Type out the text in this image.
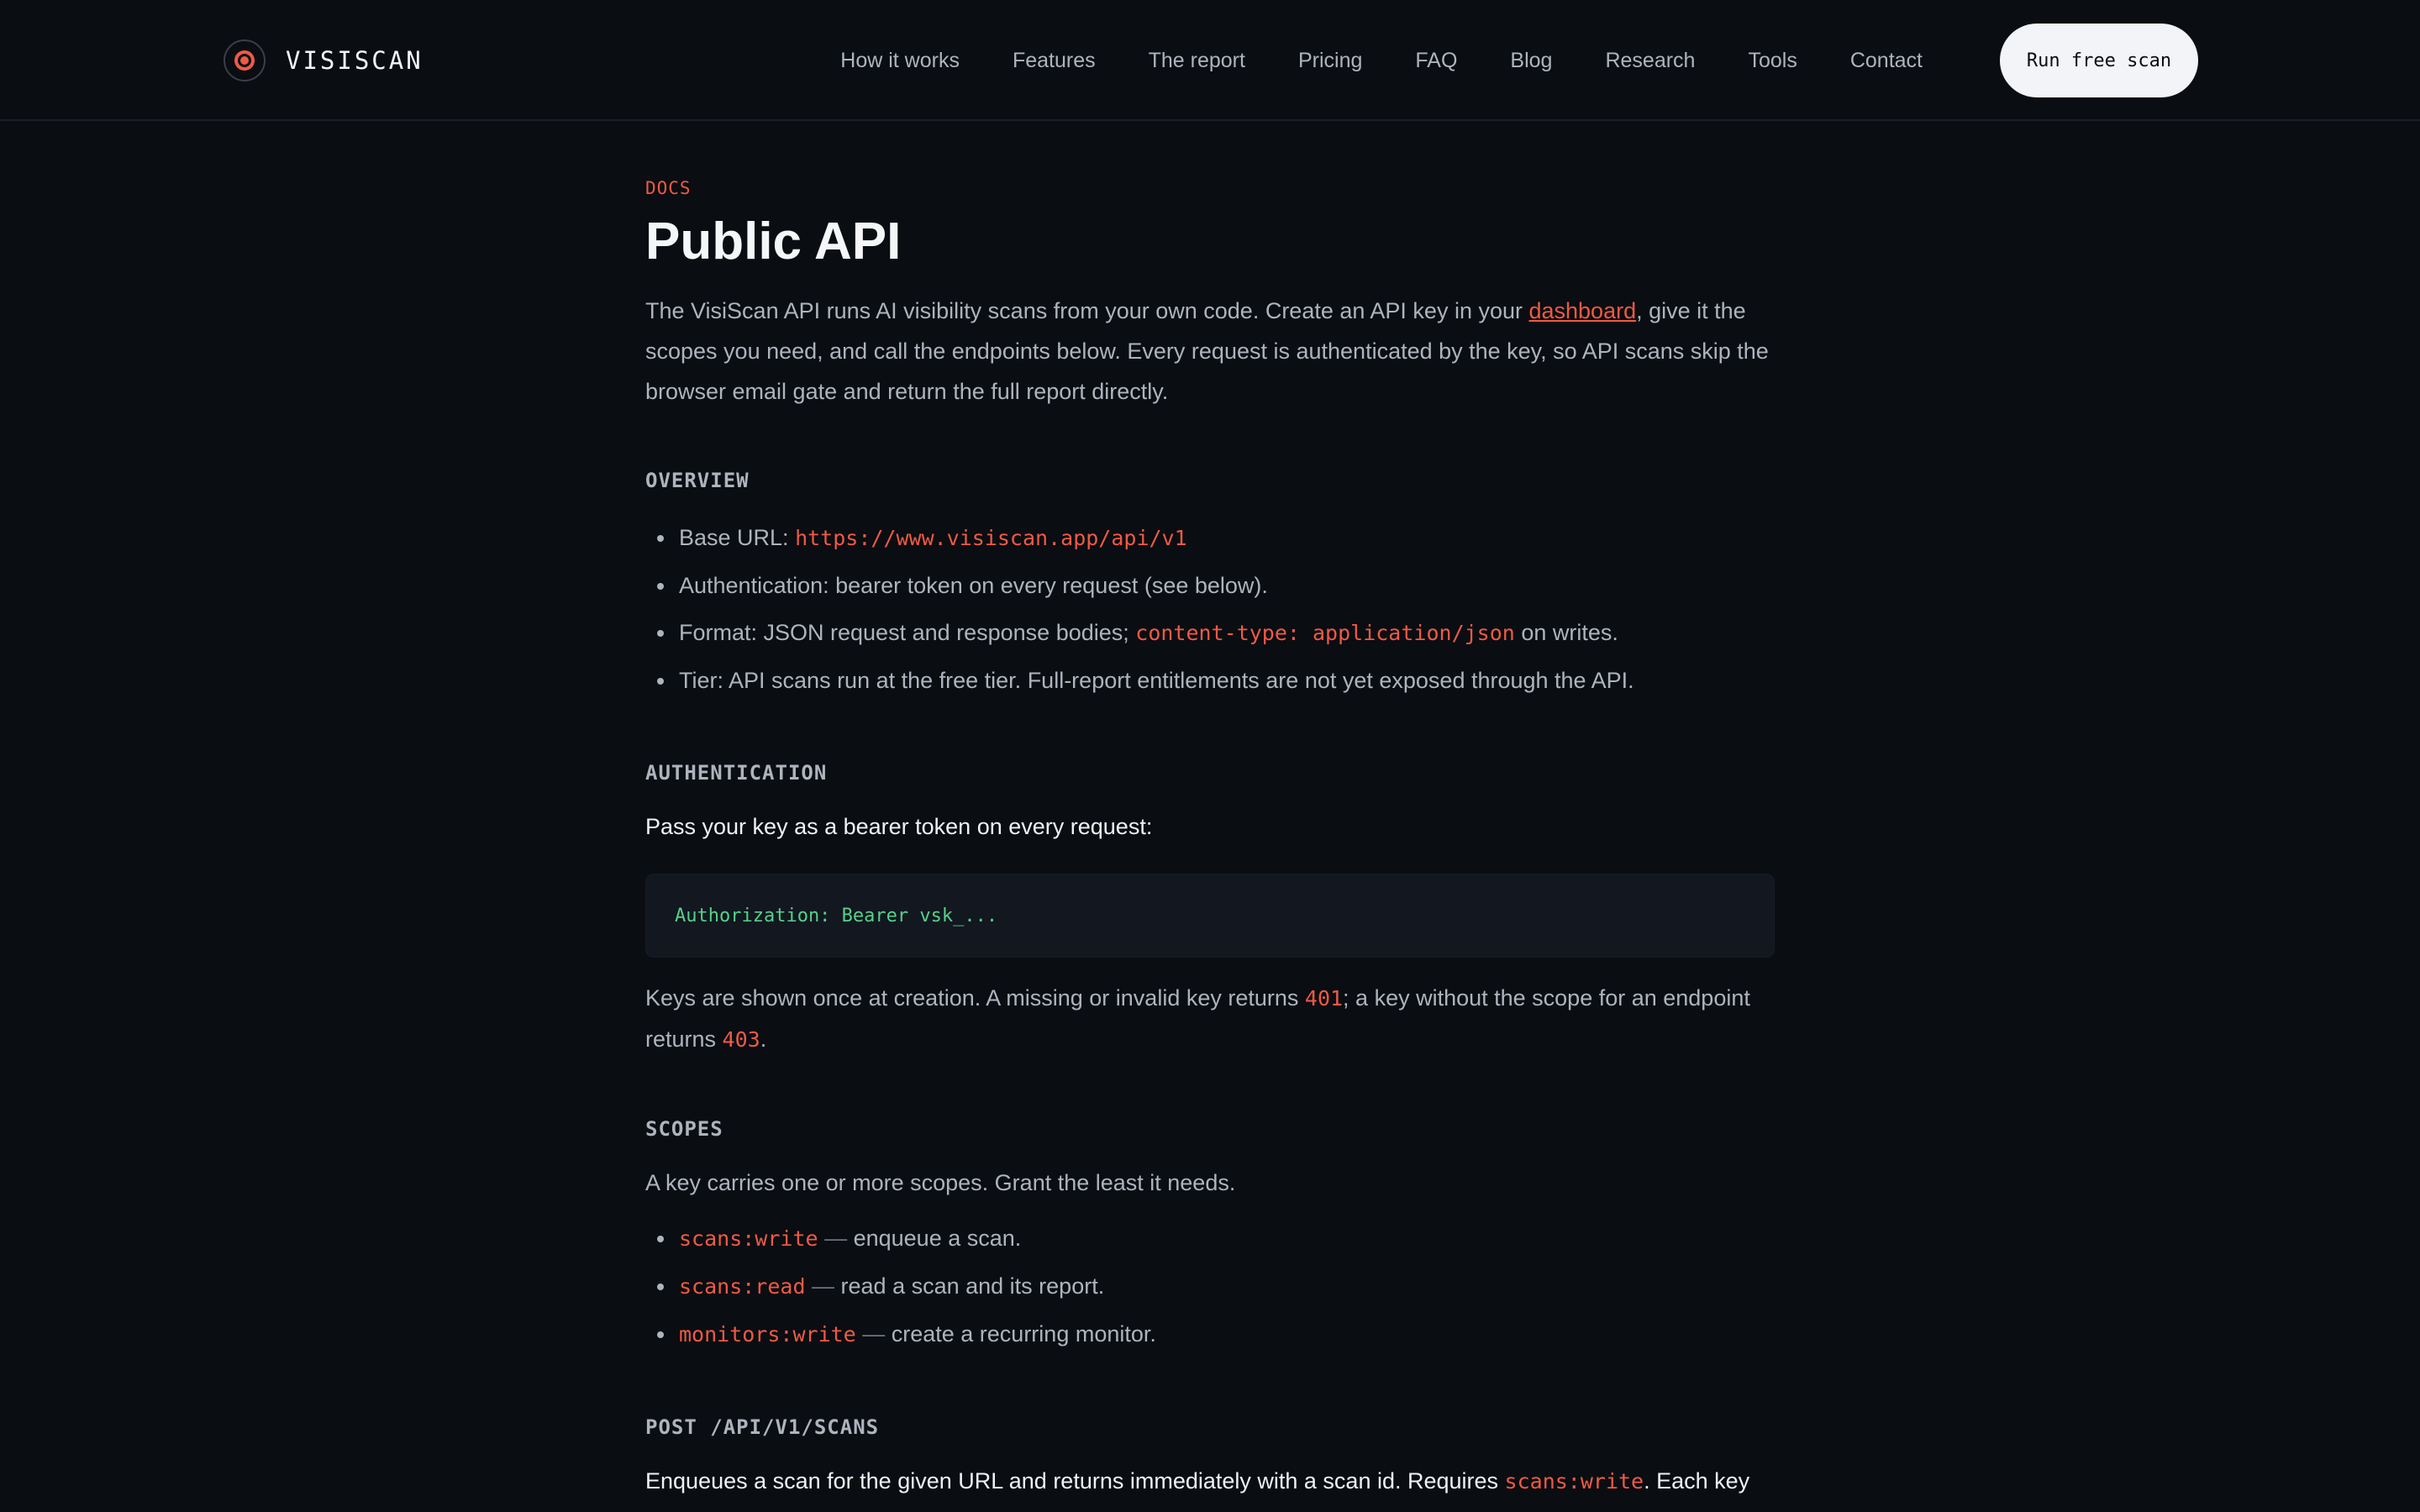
VISISCAN	How it works	Features	The report	Pricing	FAQ	Blog	Research	Tools	Contact	Run free scan
DOCS
Public API

The VisiScan API runs AI visibility scans from your own code. Create an API key in your dashboard, give it the scopes you need, and call the endpoints below. Every request is authenticated by the key, so API scans skip the browser email gate and return the full report directly.

OVERVIEW
Base URL: https://www.visiscan.app/api/v1
Authentication: bearer token on every request (see below).
Format: JSON request and response bodies; content-type: application/json on writes.
Tier: API scans run at the free tier. Full-report entitlements are not yet exposed through the API.
AUTHENTICATION

Pass your key as a bearer token on every request:

Authorization: Bearer vsk_...

Keys are shown once at creation. A missing or invalid key returns 401; a key without the scope for an endpoint returns 403.

SCOPES

A key carries one or more scopes. Grant the least it needs.

scans:write — enqueue a scan.
scans:read — read a scan and its report.
monitors:write — create a recurring monitor.
POST /API/V1/SCANS

Enqueues a scan for the given URL and returns immediately with a scan id. Requires scans:write. Each key
